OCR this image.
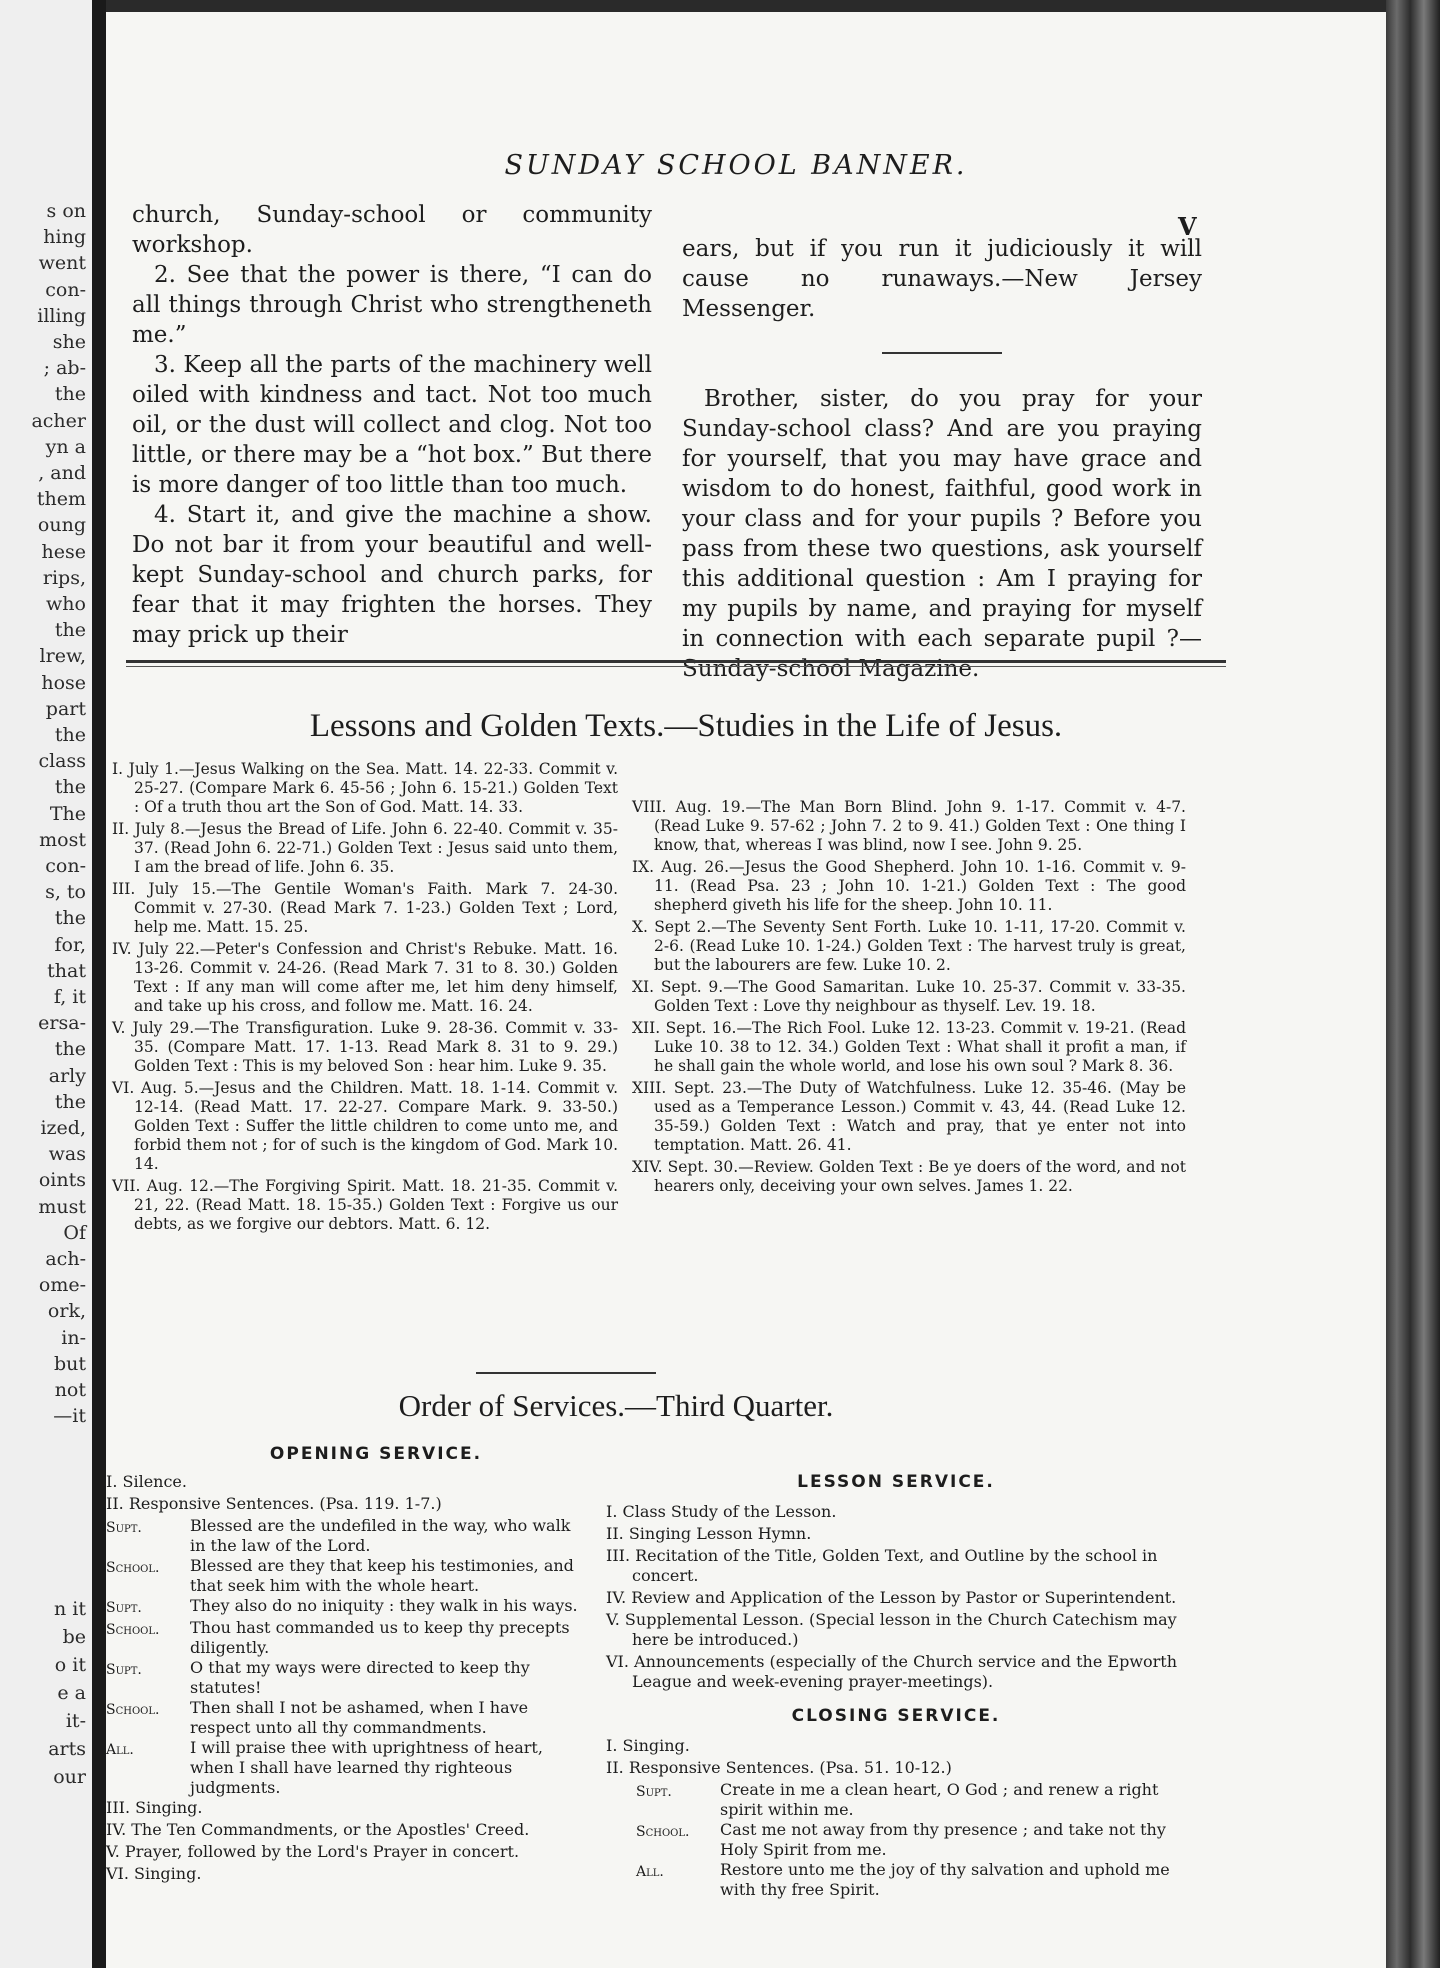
s on
hing
went
con-
illing
she
; ab-
the
acher
yn a
, and
them
oung
hese
rips,
who
the
lrew,
hose
part
the
class
the
The
most
con-
s, to
the
for,
that
f, it
ersa-
the
arly
the
ized,
was
oints
must
Of
ach-
ome-
ork,
in-
but
not
—it
n it
be
o it
e a
it-
arts
our
SUNDAY SCHOOL BANNER.
V

church, Sunday-school or community workshop.

2. See that the power is there, “I can do all things through Christ who strengtheneth me.”

3. Keep all the parts of the machinery well oiled with kindness and tact. Not too much oil, or the dust will collect and clog. Not too little, or there may be a “hot box.” But there is more danger of too little than too much.

4. Start it, and give the machine a show. Do not bar it from your beautiful and well-kept Sunday-school and church parks, for fear that it may frighten the horses. They may prick up their

ears, but if you run it judiciously it will cause no runaways.—New Jersey Messenger.

Brother, sister, do you pray for your Sunday-school class? And are you praying for yourself, that you may have grace and wisdom to do honest, faithful, good work in your class and for your pupils ? Before you pass from these two questions, ask yourself this additional question : Am I praying for my pupils by name, and praying for myself in connection with each separate pupil ?—Sunday-school Magazine.

Lessons and Golden Texts.—Studies in the Life of Jesus.
I. July 1.—Jesus Walking on the Sea. Matt. 14. 22-33. Commit v. 25-27. (Compare Mark 6. 45-56 ; John 6. 15-21.) Golden Text : Of a truth thou art the Son of God. Matt. 14. 33.
II. July 8.—Jesus the Bread of Life. John 6. 22-40. Commit v. 35-37. (Read John 6. 22-71.) Golden Text : Jesus said unto them, I am the bread of life. John 6. 35.
III. July 15.—The Gentile Woman's Faith. Mark 7. 24-30. Commit v. 27-30. (Read Mark 7. 1-23.) Golden Text ; Lord, help me. Matt. 15. 25.
IV. July 22.—Peter's Confession and Christ's Rebuke. Matt. 16. 13-26. Commit v. 24-26. (Read Mark 7. 31 to 8. 30.) Golden Text : If any man will come after me, let him deny himself, and take up his cross, and follow me. Matt. 16. 24.
V. July 29.—The Transfiguration. Luke 9. 28-36. Commit v. 33-35. (Compare Matt. 17. 1-13. Read Mark 8. 31 to 9. 29.) Golden Text : This is my beloved Son : hear him. Luke 9. 35.
VI. Aug. 5.—Jesus and the Children. Matt. 18. 1-14. Commit v. 12-14. (Read Matt. 17. 22-27. Compare Mark. 9. 33-50.) Golden Text : Suffer the little children to come unto me, and forbid them not ; for of such is the kingdom of God. Mark 10. 14.
VII. Aug. 12.—The Forgiving Spirit. Matt. 18. 21-35. Commit v. 21, 22. (Read Matt. 18. 15-35.) Golden Text : Forgive us our debts, as we forgive our debtors. Matt. 6. 12.
VIII. Aug. 19.—The Man Born Blind. John 9. 1-17. Commit v. 4-7. (Read Luke 9. 57-62 ; John 7. 2 to 9. 41.) Golden Text : One thing I know, that, whereas I was blind, now I see. John 9. 25.
IX. Aug. 26.—Jesus the Good Shepherd. John 10. 1-16. Commit v. 9-11. (Read Psa. 23 ; John 10. 1-21.) Golden Text : The good shepherd giveth his life for the sheep. John 10. 11.
X. Sept 2.—The Seventy Sent Forth. Luke 10. 1-11, 17-20. Commit v. 2-6. (Read Luke 10. 1-24.) Golden Text : The harvest truly is great, but the labourers are few. Luke 10. 2.
XI. Sept. 9.—The Good Samaritan. Luke 10. 25-37. Commit v. 33-35. Golden Text : Love thy neighbour as thyself. Lev. 19. 18.
XII. Sept. 16.—The Rich Fool. Luke 12. 13-23. Commit v. 19-21. (Read Luke 10. 38 to 12. 34.) Golden Text : What shall it profit a man, if he shall gain the whole world, and lose his own soul ? Mark 8. 36.
XIII. Sept. 23.—The Duty of Watchfulness. Luke 12. 35-46. (May be used as a Temperance Lesson.) Commit v. 43, 44. (Read Luke 12. 35-59.) Golden Text : Watch and pray, that ye enter not into temptation. Matt. 26. 41.
XIV. Sept. 30.—Review. Golden Text : Be ye doers of the word, and not hearers only, deceiving your own selves. James 1. 22.
Order of Services.—Third Quarter.
OPENING SERVICE.
I. Silence.
II. Responsive Sentences. (Psa. 119. 1-7.)
Supt.	Blessed are the undefiled in the way, who walk in the law of the Lord.
School.	Blessed are they that keep his testimonies, and that seek him with the whole heart.
Supt.	They also do no iniquity : they walk in his ways.
School.	Thou hast commanded us to keep thy precepts diligently.
Supt.	O that my ways were directed to keep thy statutes!
School.	Then shall I not be ashamed, when I have respect unto all thy commandments.
All.	I will praise thee with uprightness of heart, when I shall have learned thy righteous judgments.
III. Singing.
IV. The Ten Commandments, or the Apostles' Creed.
V. Prayer, followed by the Lord's Prayer in concert.
VI. Singing.
LESSON SERVICE.
I. Class Study of the Lesson.
II. Singing Lesson Hymn.
III. Recitation of the Title, Golden Text, and Outline by the school in concert.
IV. Review and Application of the Lesson by Pastor or Superintendent.
V. Supplemental Lesson. (Special lesson in the Church Catechism may here be introduced.)
VI. Announcements (especially of the Church service and the Epworth League and week-evening prayer-meetings).
CLOSING SERVICE.
I. Singing.
II. Responsive Sentences. (Psa. 51. 10-12.)
Supt.	Create in me a clean heart, O God ; and renew a right spirit within me.
School.	Cast me not away from thy presence ; and take not thy Holy Spirit from me.
All.	Restore unto me the joy of thy salvation and uphold me with thy free Spirit.
